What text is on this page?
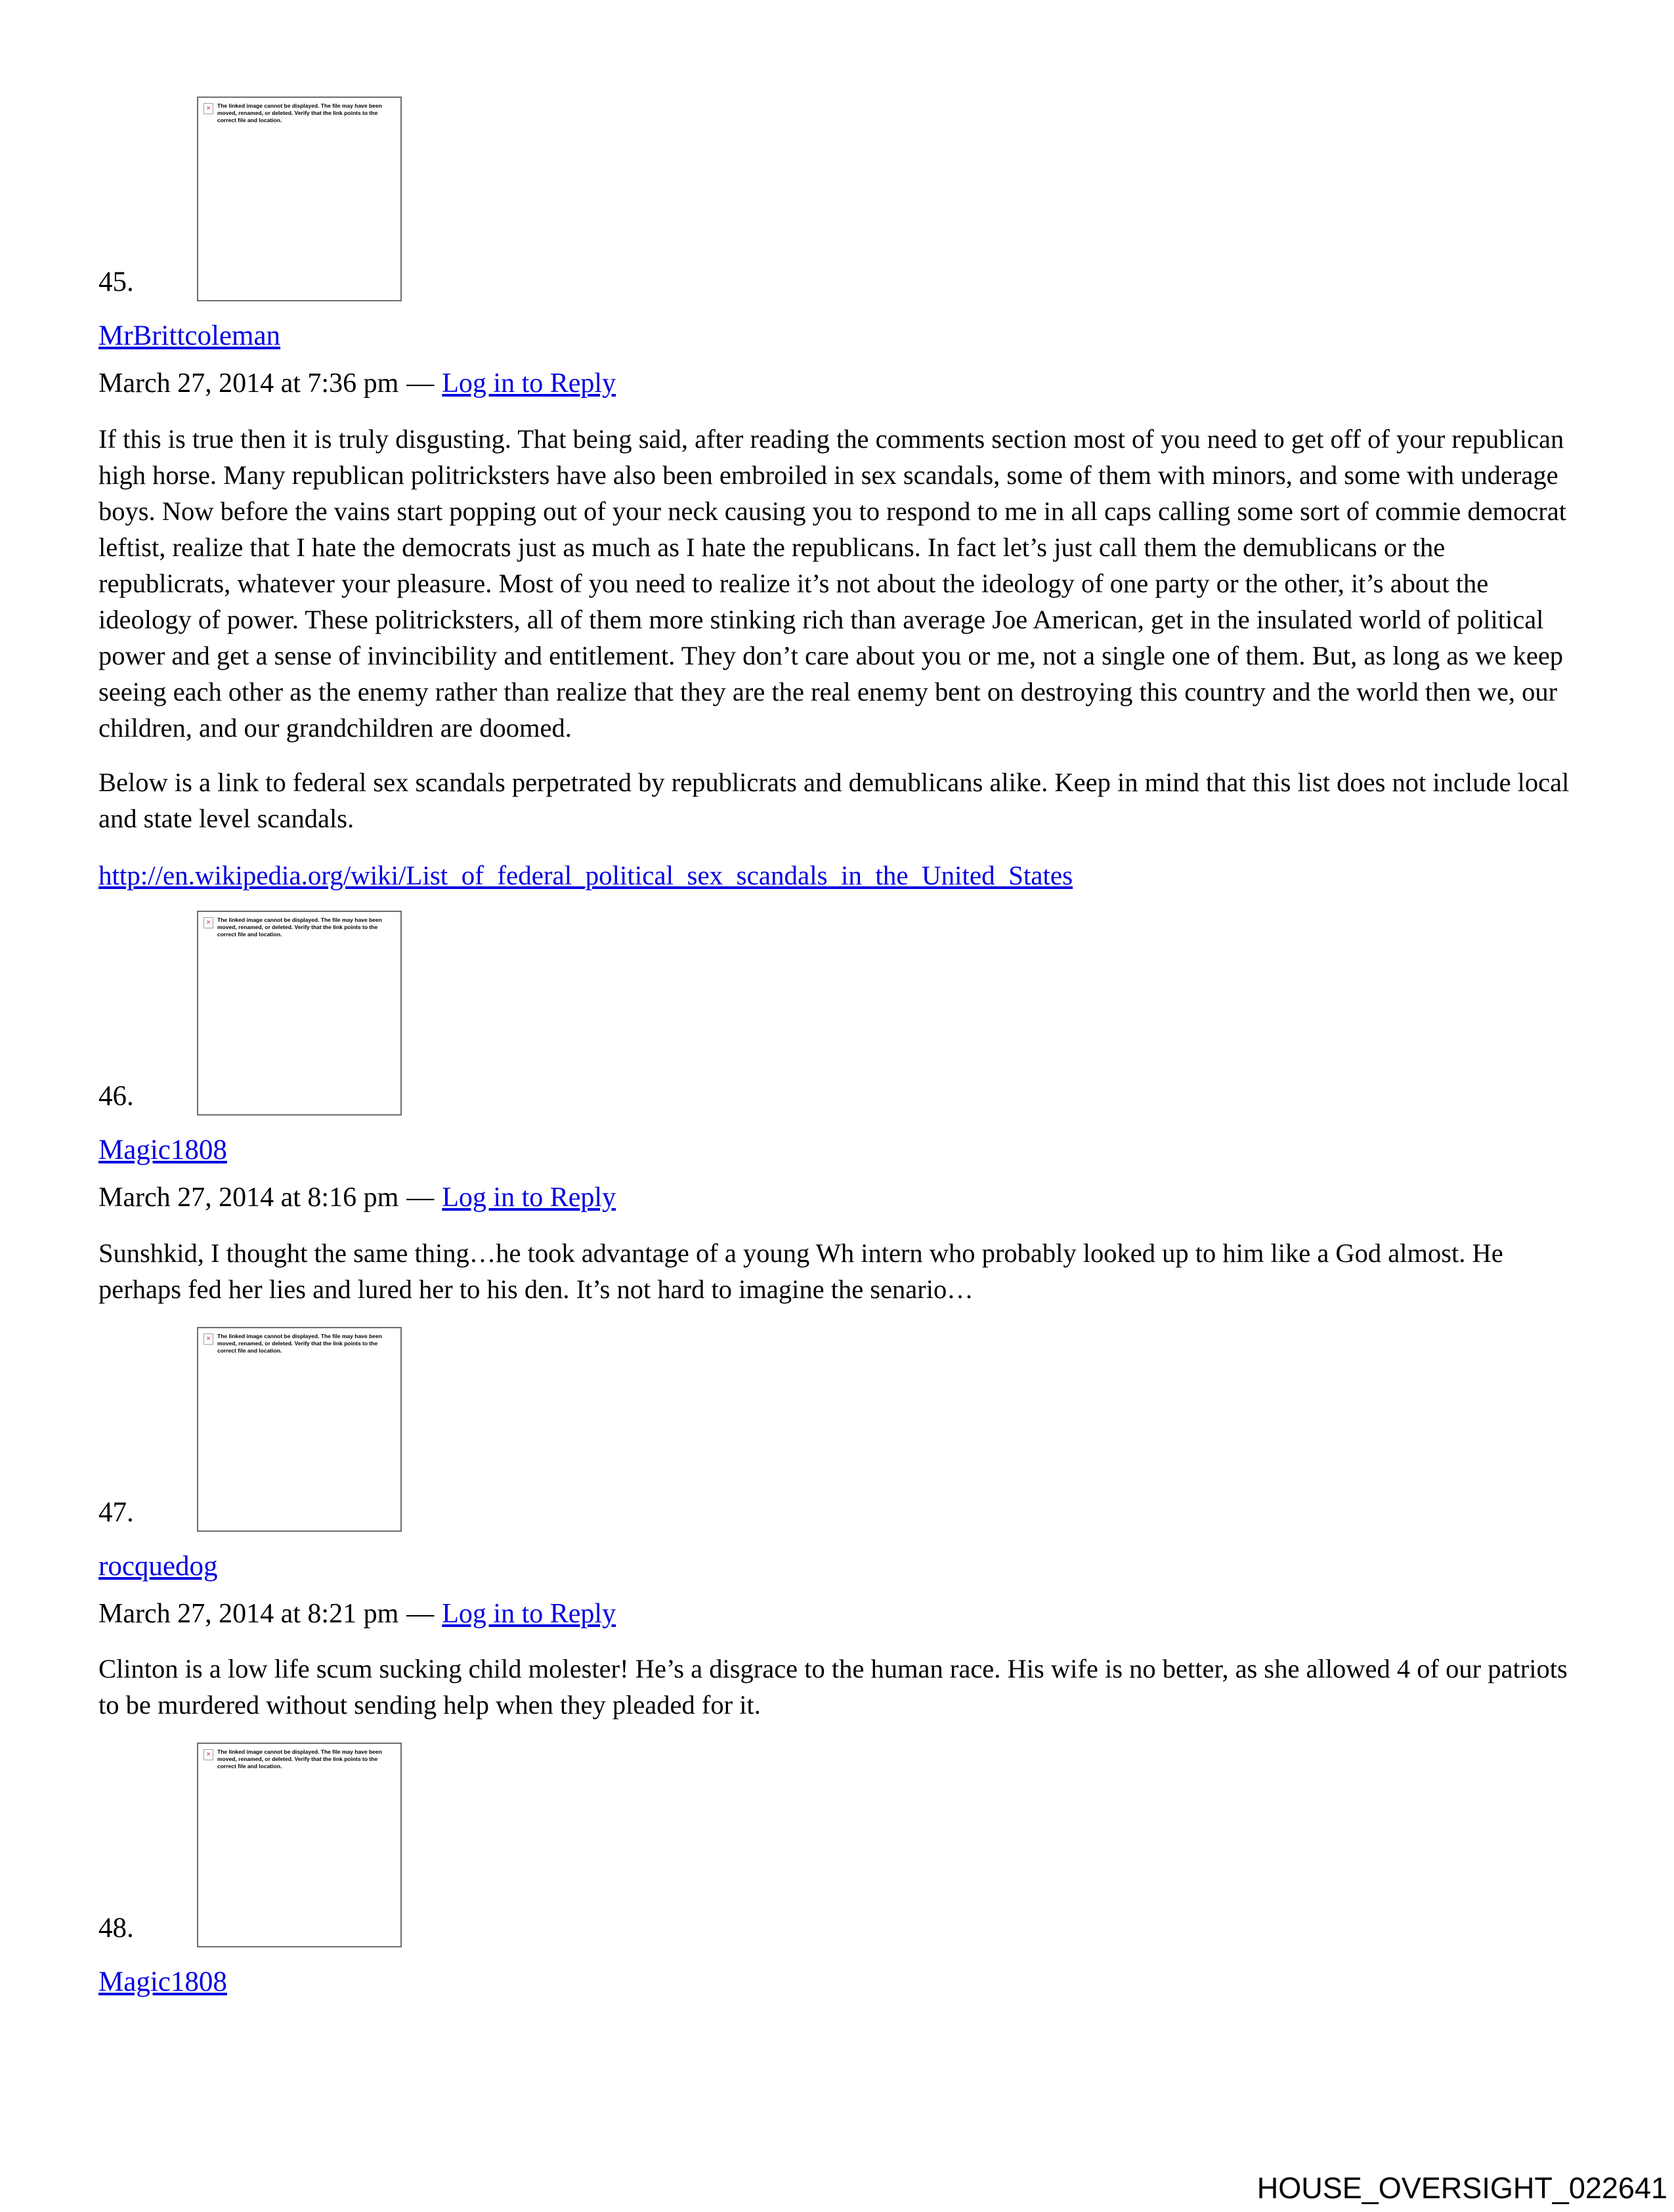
45.
×	The linked image cannot be displayed. The file may have been moved, renamed, or deleted. Verify that the link points to the correct file and location.
MrBrittcoleman
March 27, 2014 at 7:36 pm — Log in to Reply

If this is true then it is truly disgusting. That being said, after reading the comments section most of you need to get off of your republican high horse. Many republican politricksters have also been embroiled in sex scandals, some of them with minors, and some with underage boys. Now before the vains start popping out of your neck causing you to respond to me in all caps calling some sort of commie democrat leftist, realize that I hate the democrats just as much as I hate the republicans. In fact let’s just call them the demublicans or the republicrats, whatever your pleasure. Most of you need to realize it’s not about the ideology of one party or the other, it’s about the ideology of power. These politricksters, all of them more stinking rich than average Joe American, get in the insulated world of political power and get a sense of invincibility and entitlement. They don’t care about you or me, not a single one of them. But, as long as we keep seeing each other as the enemy rather than realize that they are the real enemy bent on destroying this country and the world then we, our children, and our grandchildren are doomed.

Below is a link to federal sex scandals perpetrated by republicrats and demublicans alike. Keep in mind that this list does not include local and state level scandals.

http://en.wikipedia.org/wiki/List_of_federal_political_sex_scandals_in_the_United_States
46.
×	The linked image cannot be displayed. The file may have been moved, renamed, or deleted. Verify that the link points to the correct file and location.
Magic1808
March 27, 2014 at 8:16 pm — Log in to Reply

Sunshkid, I thought the same thing…he took advantage of a young Wh intern who probably looked up to him like a God almost. He perhaps fed her lies and lured her to his den. It’s not hard to imagine the senario…

47.
×	The linked image cannot be displayed. The file may have been moved, renamed, or deleted. Verify that the link points to the correct file and location.
rocquedog
March 27, 2014 at 8:21 pm — Log in to Reply

Clinton is a low life scum sucking child molester! He’s a disgrace to the human race. His wife is no better, as she allowed 4 of our patriots to be murdered without sending help when they pleaded for it.

48.
×	The linked image cannot be displayed. The file may have been moved, renamed, or deleted. Verify that the link points to the correct file and location.
Magic1808
HOUSE_OVERSIGHT_022641
